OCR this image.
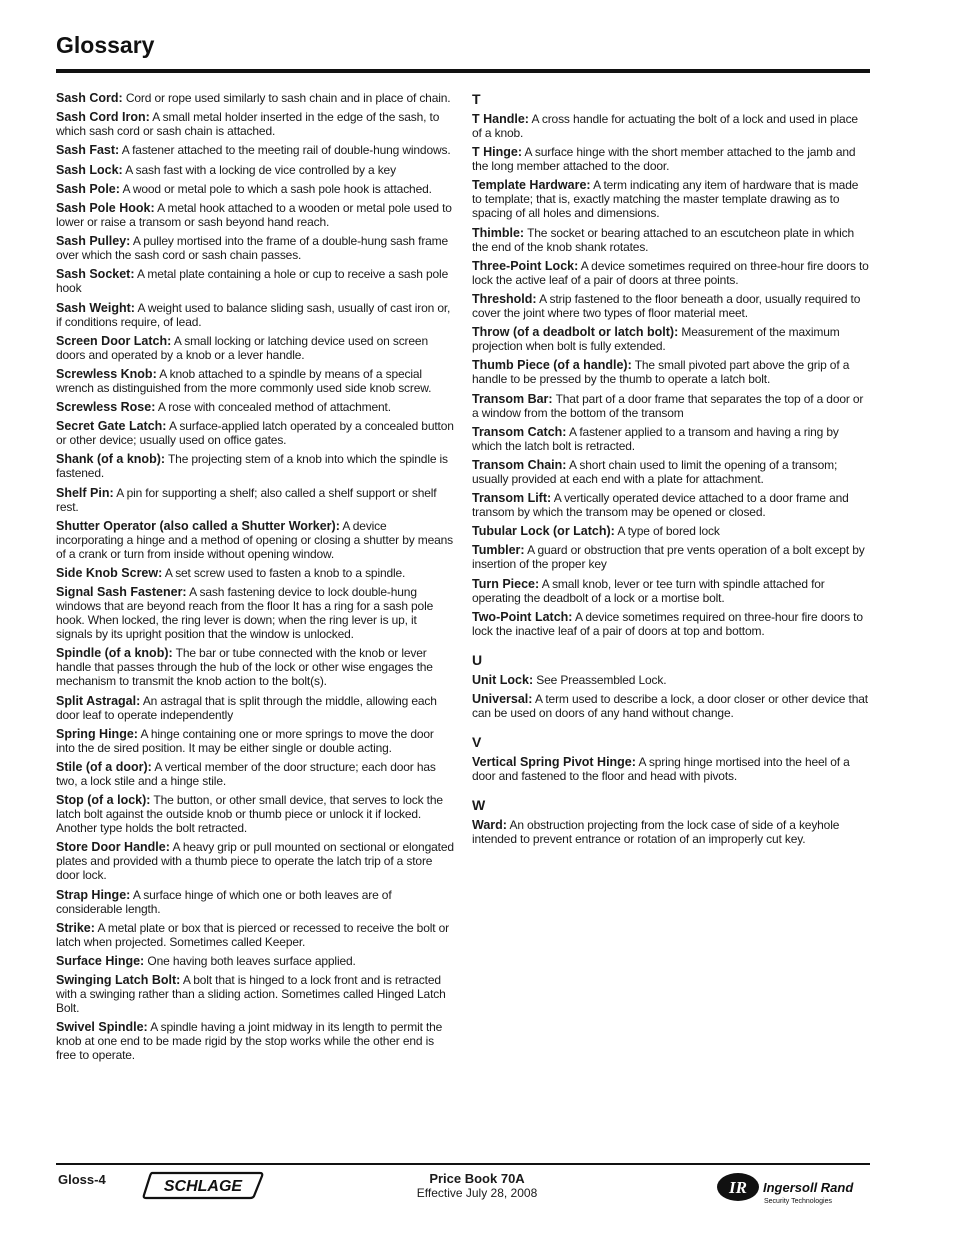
Glossary

Sash Cord: Cord or rope used similarly to sash chain and in place of chain.

Sash Cord Iron: A small metal holder inserted in the edge of the sash, to which sash cord or sash chain is attached.

Sash Fast: A fastener attached to the meeting rail of double-hung windows.

Sash Lock: A sash fast with a locking de vice controlled by a key

Sash Pole: A wood or metal pole to which a sash pole hook is attached.

Sash Pole Hook: A metal hook attached to a wooden or metal pole used to lower or raise a transom or sash beyond hand reach.

Sash Pulley: A pulley mortised into the frame of a double-hung sash frame over which the sash cord or sash chain passes.

Sash Socket: A metal plate containing a hole or cup to receive a sash pole hook

Sash Weight: A weight used to balance sliding sash, usually of cast iron or, if conditions require, of lead.

Screen Door Latch: A small locking or latching device used on screen doors and operated by a knob or a lever handle.

Screwless Knob: A knob attached to a spindle by means of a special wrench as distinguished from the more commonly used side knob screw.

Screwless Rose: A rose with concealed method of attachment.

Secret Gate Latch: A surface-applied latch operated by a concealed button or other device; usually used on office gates.

Shank (of a knob): The projecting stem of a knob into which the spindle is fastened.

Shelf Pin: A pin for supporting a shelf; also called a shelf support or shelf rest.

Shutter Operator (also called a Shutter Worker): A device incorporating a hinge and a method of opening or closing a shutter by means of a crank or turn from inside without opening window.

Side Knob Screw: A set screw used to fasten a knob to a spindle.

Signal Sash Fastener: A sash fastening device to lock double-hung windows that are beyond reach from the floor It has a ring for a sash pole hook. When locked, the ring lever is down; when the ring lever is up, it signals by its upright position that the window is unlocked.

Spindle (of a knob): The bar or tube connected with the knob or lever handle that passes through the hub of the lock or other wise engages the mechanism to transmit the knob action to the bolt(s).

Split Astragal: An astragal that is split through the middle, allowing each door leaf to operate independently

Spring Hinge: A hinge containing one or more springs to move the door into the de sired position. It may be either single or double acting.

Stile (of a door): A vertical member of the door structure; each door has two, a lock stile and a hinge stile.

Stop (of a lock): The button, or other small device, that serves to lock the latch bolt against the outside knob or thumb piece or unlock it if locked. Another type holds the bolt retracted.

Store Door Handle: A heavy grip or pull mounted on sectional or elongated plates and provided with a thumb piece to operate the latch trip of a store door lock.

Strap Hinge: A surface hinge of which one or both leaves are of considerable length.

Strike: A metal plate or box that is pierced or recessed to receive the bolt or latch when projected. Sometimes called Keeper.

Surface Hinge: One having both leaves surface applied.

Swinging Latch Bolt: A bolt that is hinged to a lock front and is retracted with a swinging rather than a sliding action. Sometimes called Hinged Latch Bolt.

Swivel Spindle: A spindle having a joint midway in its length to permit the knob at one end to be made rigid by the stop works while the other end is free to operate.

T

T Handle: A cross handle for actuating the bolt of a lock and used in place of a knob.

T Hinge: A surface hinge with the short member attached to the jamb and the long member attached to the door.

Template Hardware: A term indicating any item of hardware that is made to template; that is, exactly matching the master template drawing as to spacing of all holes and dimensions.

Thimble: The socket or bearing attached to an escutcheon plate in which the end of the knob shank rotates.

Three-Point Lock: A device sometimes required on three-hour fire doors to lock the active leaf of a pair of doors at three points.

Threshold: A strip fastened to the floor beneath a door, usually required to cover the joint where two types of floor material meet.

Throw (of a deadbolt or latch bolt): Measurement of the maximum projection when bolt is fully extended.

Thumb Piece (of a handle): The small pivoted part above the grip of a handle to be pressed by the thumb to operate a latch bolt.

Transom Bar: That part of a door frame that separates the top of a door or a window from the bottom of the transom

Transom Catch: A fastener applied to a transom and having a ring by which the latch bolt is retracted.

Transom Chain: A short chain used to limit the opening of a transom; usually provided at each end with a plate for attachment.

Transom Lift: A vertically operated device attached to a door frame and transom by which the transom may be opened or closed.

Tubular Lock (or Latch): A type of bored lock

Tumbler: A guard or obstruction that pre vents operation of a bolt except by insertion of the proper key

Turn Piece: A small knob, lever or tee turn with spindle attached for operating the deadbolt of a lock or a mortise bolt.

Two-Point Latch: A device sometimes required on three-hour fire doors to lock the inactive leaf of a pair of doors at top and bottom.

U

Unit Lock: See Preassembled Lock.

Universal: A term used to describe a lock, a door closer or other device that can be used on doors of any hand without change.

V

Vertical Spring Pivot Hinge: A spring hinge mortised into the heel of a door and fastened to the floor and head with pivots.

W

Ward: An obstruction projecting from the lock case of side of a keyhole intended to prevent entrance or rotation of an improperly cut key.

Gloss-4	SCHLAGE	Price Book 70A
Effective July 28, 2008	IR Ingersoll Rand
Security Technologies
